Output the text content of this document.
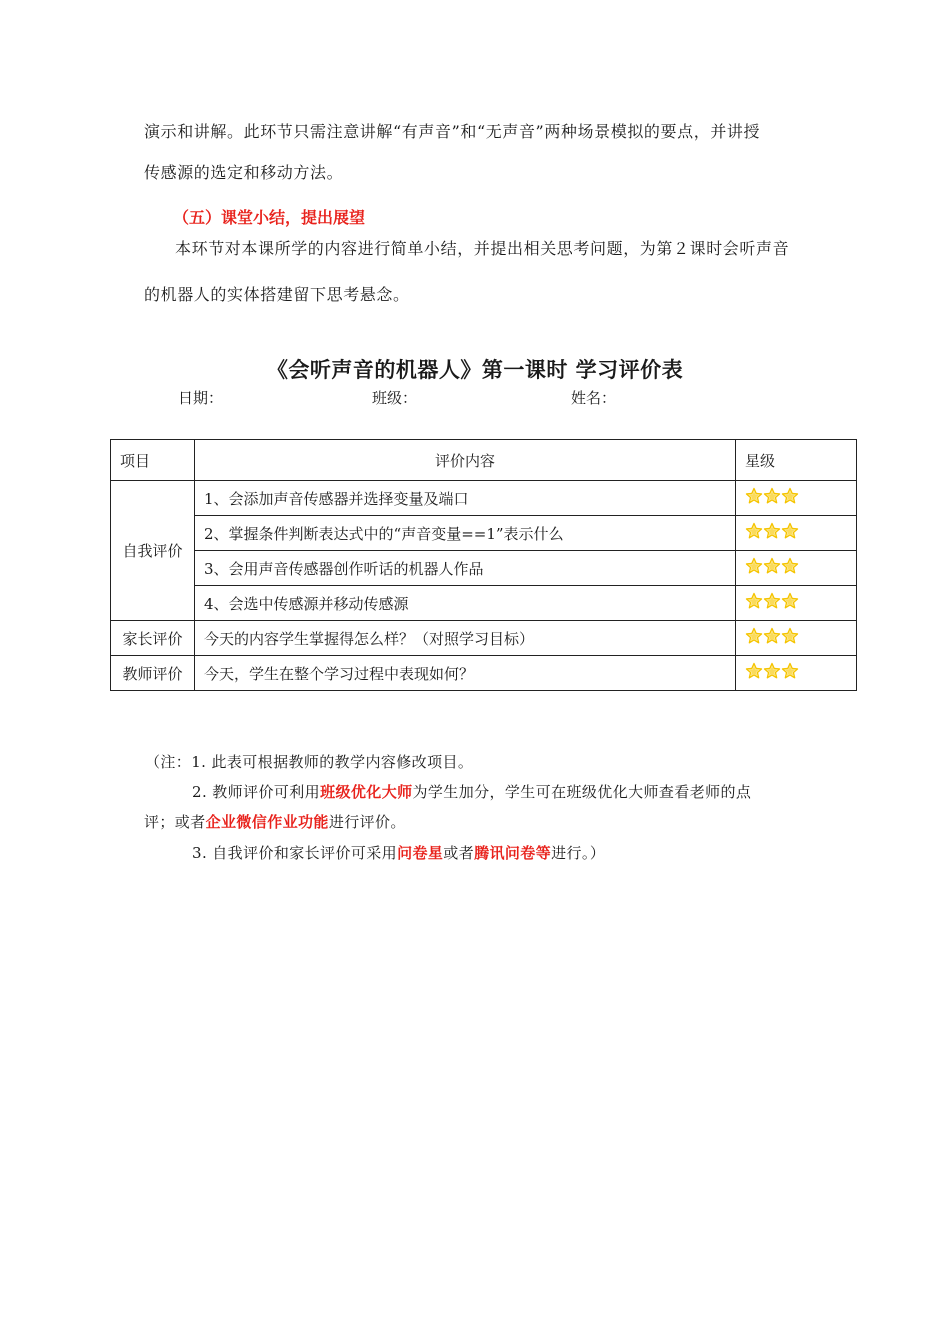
演示和讲解。此环节只需注意讲解“有声音”和“无声音”两种场景模拟的要点，并讲授
传感源的选定和移动方法。
（五）课堂小结，提出展望
本环节对本课所学的内容进行简单小结，并提出相关思考问题，为第２课时会听声音
的机器人的实体搭建留下思考悬念。
《会听声音的机器人》第一课时 学习评价表
日期：	班级：	姓名：
项目	评价内容	星级
自我评价	1、会添加声音传感器并选择变量及端口	
	2、掌握条件判断表达式中的“声音变量==1”表示什么	
	3、会用声音传感器创作听话的机器人作品	
	4、会选中传感源并移动传感源	
家长评价	今天的内容学生掌握得怎么样？（对照学习目标）	
教师评价	今天，学生在整个学习过程中表现如何？	
（注：1. 此表可根据教师的教学内容修改项目。
2. 教师评价可利用班级优化大师为学生加分，学生可在班级优化大师查看老师的点
评；或者企业微信作业功能进行评价。
3. 自我评价和家长评价可采用问卷星或者腾讯问卷等进行。）
